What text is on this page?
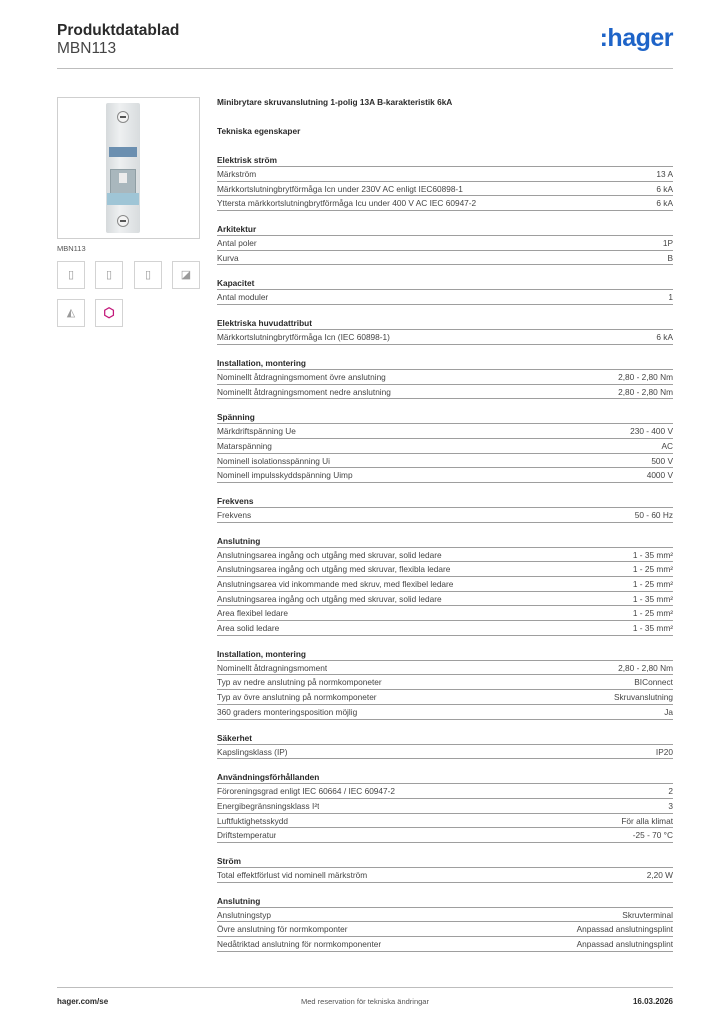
Produktdatablad
MBN113	:hager
MBN113
▯	▯	▯	◪
◭	⬡
Minibrytare skruvanslutning 1-polig 13A B-karakteristik 6kA
Tekniska egenskaper
Elektrisk ström
Märkström	13 A
Märkkortslutningbrytförmåga Icn under 230V AC enligt IEC60898-1	6 kA
Yttersta märkkortslutningbrytförmåga Icu under 400 V AC IEC 60947-2	6 kA
Arkitektur
Antal poler	1P
Kurva	B
Kapacitet
Antal moduler	1
Elektriska huvudattribut
Märkkortslutningbrytförmåga Icn (IEC 60898-1)	6 kA
Installation, montering
Nominellt åtdragningsmoment övre anslutning	2,80 - 2,80 Nm
Nominellt åtdragningsmoment nedre anslutning	2,80 - 2,80 Nm
Spänning
Märkdriftspänning Ue	230 - 400 V
Matarspänning	AC
Nominell isolationsspänning Ui	500 V
Nominell impulsskyddspänning Uimp	4000 V
Frekvens
Frekvens	50 - 60 Hz
Anslutning
Anslutningsarea ingång och utgång med skruvar, solid ledare	1 - 35 mm²
Anslutningsarea ingång och utgång med skruvar, flexibla ledare	1 - 25 mm²
Anslutningsarea vid inkommande med skruv, med flexibel ledare	1 - 25 mm²
Anslutningsarea ingång och utgång med skruvar, solid ledare	1 - 35 mm²
Area flexibel ledare	1 - 25 mm²
Area solid ledare	1 - 35 mm²
Installation, montering
Nominellt åtdragningsmoment	2,80 - 2,80 Nm
Typ av nedre anslutning på normkomponeter	BIConnect
Typ av övre anslutning på normkomponeter	Skruvanslutning
360 graders monteringsposition möjlig	Ja
Säkerhet
Kapslingsklass (IP)	IP20
Användningsförhållanden
Föroreningsgrad enligt IEC 60664 / IEC 60947-2	2
Energibegränsningsklass I²t	3
Luftfuktighetsskydd	För alla klimat
Driftstemperatur	-25 - 70 °C
Ström
Total effektförlust vid nominell märkström	2,20 W
Anslutning
Anslutningstyp	Skruvterminal
Övre anslutning för normkomponter	Anpassad anslutningsplint
Nedåtriktad anslutning för normkomponenter	Anpassad anslutningsplint
hager.com/se	Med reservation för tekniska ändringar	16.03.2026
